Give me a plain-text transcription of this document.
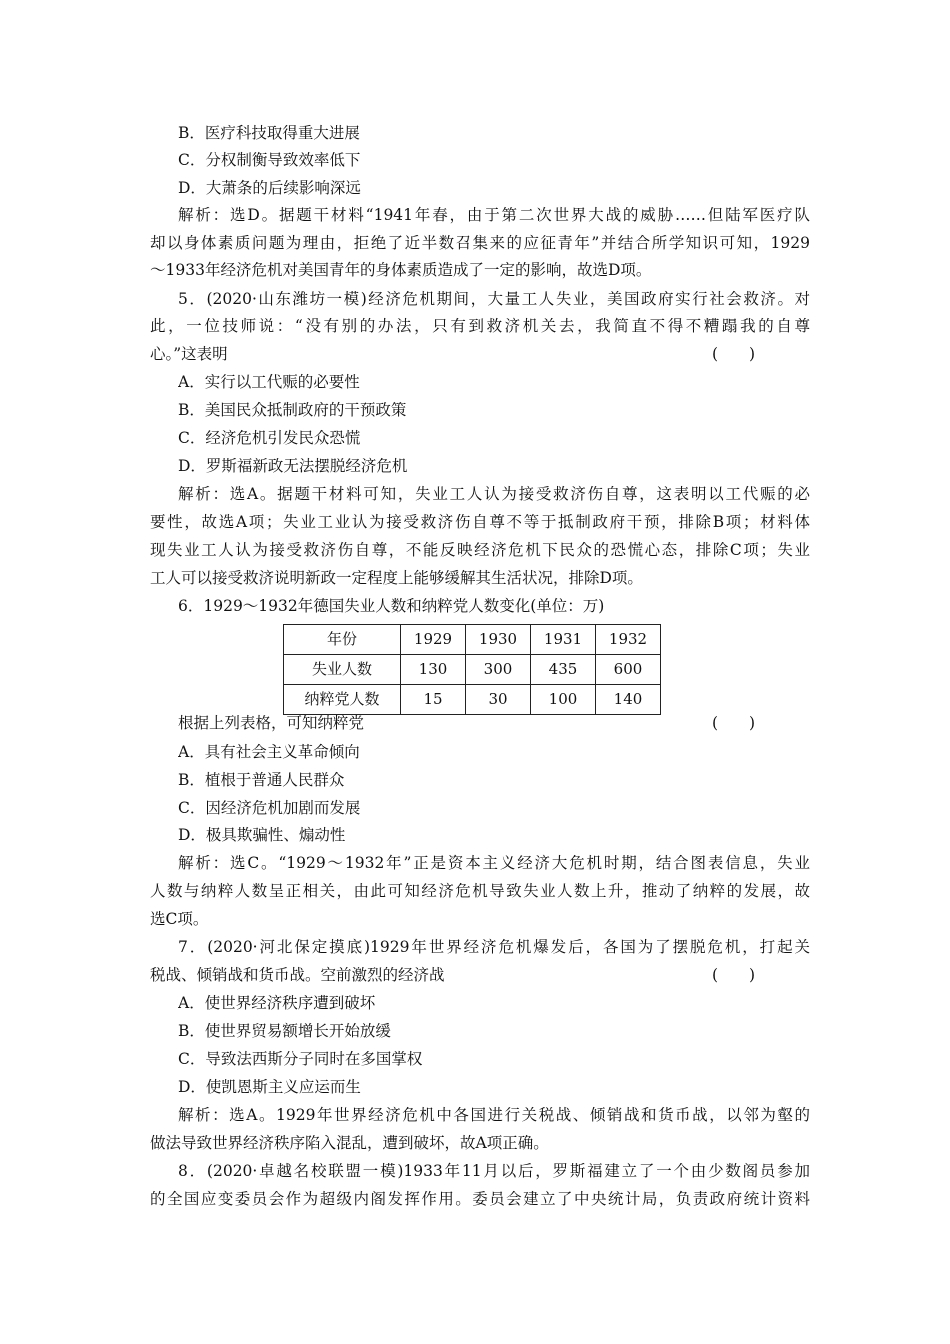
B．医疗科技取得重大进展
C．分权制衡导致效率低下
D．大萧条的后续影响深远
解析：选D。据题干材料“1941年春，由于第二次世界大战的威胁……但陆军医疗队
却以身体素质问题为理由，拒绝了近半数召集来的应征青年”并结合所学知识可知，1929
～1933年经济危机对美国青年的身体素质造成了一定的影响，故选D项。
5．(2020·山东潍坊一模)经济危机期间，大量工人失业，美国政府实行社会救济。对
此，一位技师说：“没有别的办法，只有到救济机关去，我简直不得不糟蹋我的自尊
心。”这表明	(　　)
A．实行以工代赈的必要性
B．美国民众抵制政府的干预政策
C．经济危机引发民众恐慌
D．罗斯福新政无法摆脱经济危机
解析：选A。据题干材料可知，失业工人认为接受救济伤自尊，这表明以工代赈的必
要性，故选A项；失业工业认为接受救济伤自尊不等于抵制政府干预，排除B项；材料体
现失业工人认为接受救济伤自尊，不能反映经济危机下民众的恐慌心态，排除C项；失业
工人可以接受救济说明新政一定程度上能够缓解其生活状况，排除D项。
6．1929～1932年德国失业人数和纳粹党人数变化(单位：万)
年份	1929	1930	1931	1932
失业人数	130	300	435	600
纳粹党人数	15	30	100	140
根据上列表格，可知纳粹党	(　　)
A．具有社会主义革命倾向
B．植根于普通人民群众
C．因经济危机加剧而发展
D．极具欺骗性、煽动性
解析：选C。“1929～1932年”正是资本主义经济大危机时期，结合图表信息，失业
人数与纳粹人数呈正相关，由此可知经济危机导致失业人数上升，推动了纳粹的发展，故
选C项。
7．(2020·河北保定摸底)1929年世界经济危机爆发后，各国为了摆脱危机，打起关
税战、倾销战和货币战。空前激烈的经济战	(　　)
A．使世界经济秩序遭到破坏
B．使世界贸易额增长开始放缓
C．导致法西斯分子同时在多国掌权
D．使凯恩斯主义应运而生
解析：选A。1929年世界经济危机中各国进行关税战、倾销战和货币战，以邻为壑的
做法导致世界经济秩序陷入混乱，遭到破坏，故A项正确。
8．(2020·卓越名校联盟一模)1933年11月以后，罗斯福建立了一个由少数阁员参加
的全国应变委员会作为超级内阁发挥作用。委员会建立了中央统计局，负责政府统计资料
